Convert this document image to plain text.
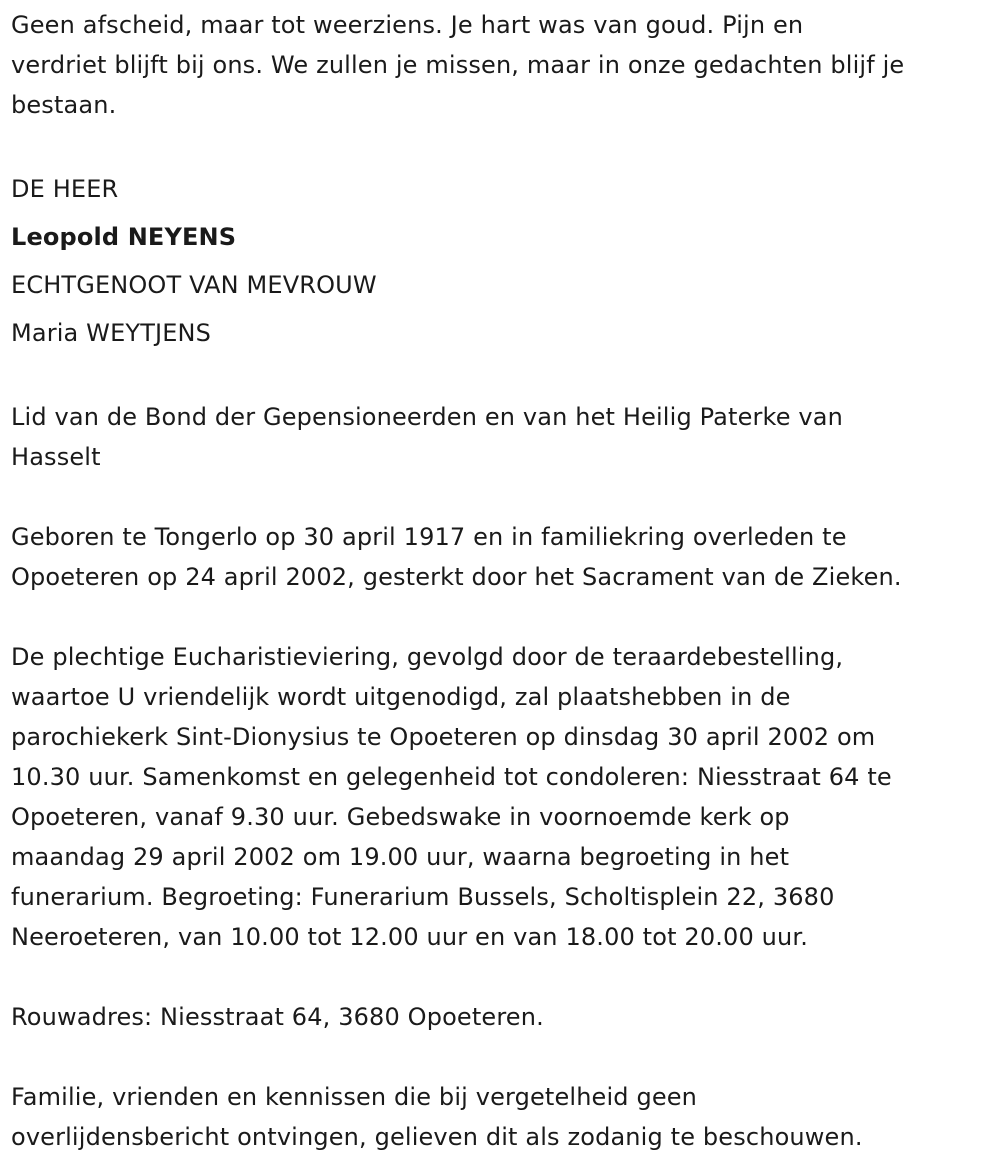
Geen afscheid, maar tot weerziens. Je hart was van goud. Pijn en
verdriet blijft bij ons. We zullen je missen, maar in onze gedachten blijf je
bestaan.

DE HEER
Leopold NEYENS
ECHTGENOOT VAN MEVROUW
Maria WEYTJENS

Lid van de Bond der Gepensioneerden en van het Heilig Paterke van
Hasselt

Geboren te Tongerlo op 30 april 1917 en in familiekring overleden te
Opoeteren op 24 april 2002, gesterkt door het Sacrament van de Zieken.

De plechtige Eucharistieviering, gevolgd door de teraardebestelling,
waartoe U vriendelijk wordt uitgenodigd, zal plaatshebben in de
parochiekerk Sint-Dionysius te Opoeteren op dinsdag 30 april 2002 om
10.30 uur. Samenkomst en gelegenheid tot condoleren: Niesstraat 64 te
Opoeteren, vanaf 9.30 uur. Gebedswake in voornoemde kerk op
maandag 29 april 2002 om 19.00 uur, waarna begroeting in het
funerarium. Begroeting: Funerarium Bussels, Scholtisplein 22, 3680
Neeroeteren, van 10.00 tot 12.00 uur en van 18.00 tot 20.00 uur.

Rouwadres: Niesstraat 64, 3680 Opoeteren.

Familie, vrienden en kennissen die bij vergetelheid geen
overlijdensbericht ontvingen, gelieven dit als zodanig te beschouwen.
